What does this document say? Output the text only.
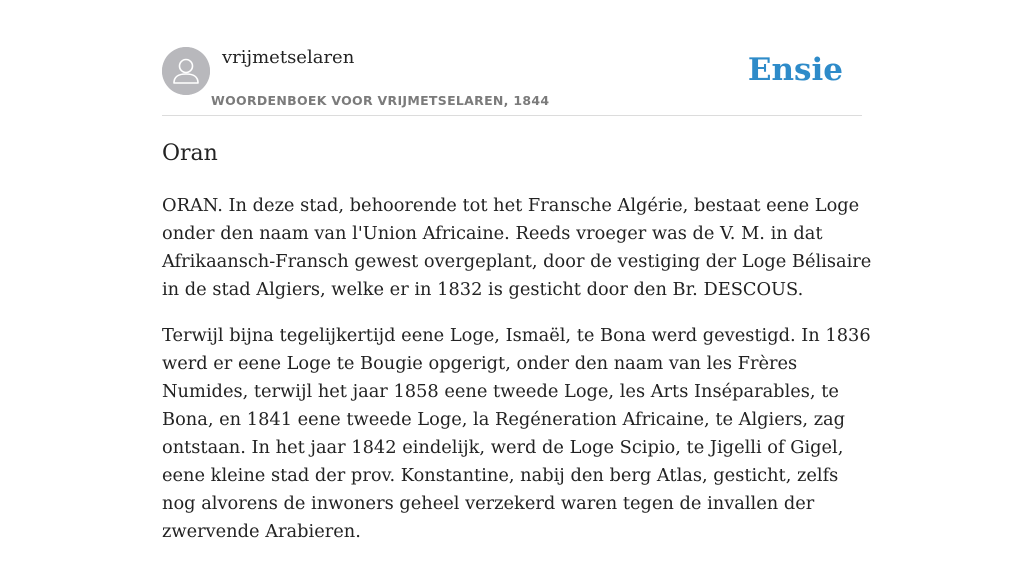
vrijmetselaren
WOORDENBOEK VOOR VRIJMETSELAREN, 1844
Ensie
Oran

ORAN. In deze stad, behoorende tot het Fransche Algérie, bestaat eene Loge onder den naam van l'Union Africaine. Reeds vroeger was de V. M. in dat Afrikaansch-Fransch gewest overgeplant, door de vestiging der Loge Bélisaire in de stad Algiers, welke er in 1832 is gesticht door den Br. DESCOUS.

Terwijl bijna tegelijkertijd eene Loge, Ismaël, te Bona werd gevestigd. In 1836 werd er eene Loge te Bougie opgerigt, onder den naam van les Frères Numides, terwijl het jaar 1858 eene tweede Loge, les Arts Inséparables, te Bona, en 1841 eene tweede Loge, la Regéneration Africaine, te Algiers, zag ontstaan. In het jaar 1842 eindelijk, werd de Loge Scipio, te Jigelli of Gigel, eene kleine stad der prov. Konstantine, nabij den berg Atlas, gesticht, zelfs nog alvorens de inwoners geheel verzekerd waren tegen de invallen der zwervende Arabieren.
